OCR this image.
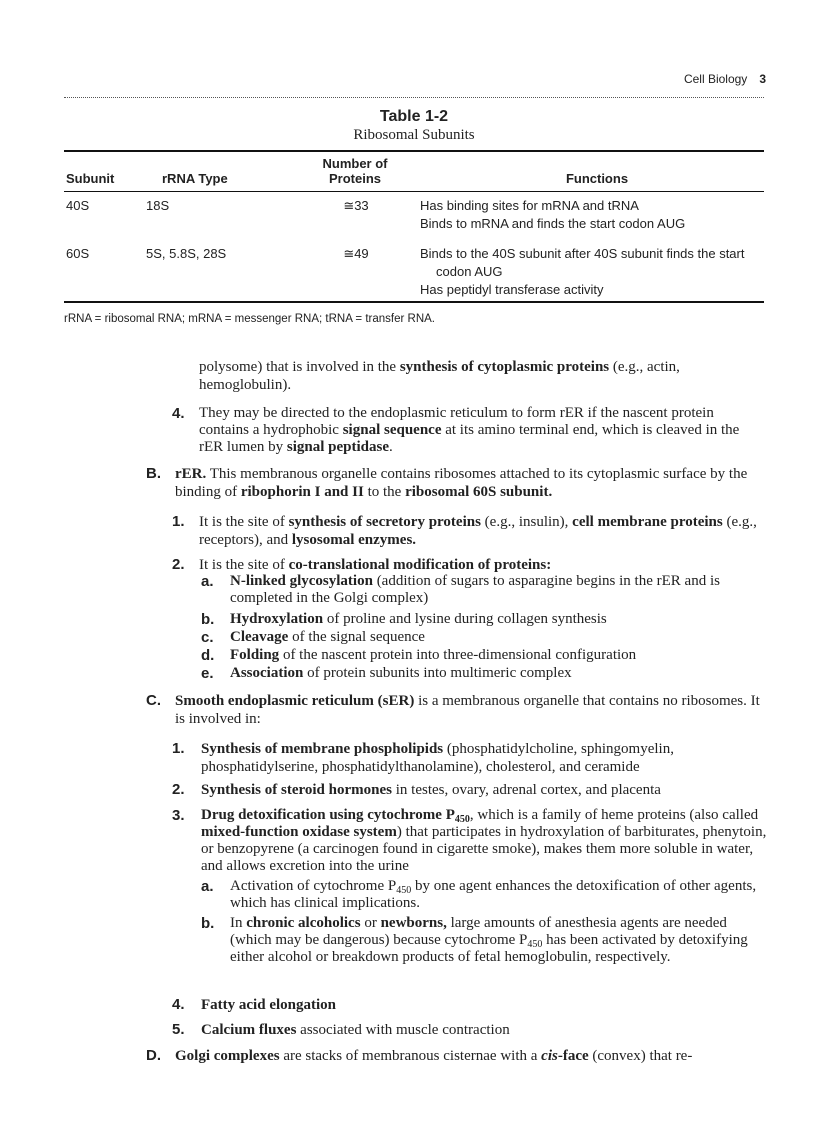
Cell Biology 3
Table 1-2
Ribosomal Subunits
Subunit	rRNA Type	Number of Proteins	Functions
40S	18S	≅33	Has binding sites for mRNA and tRNA
Binds to mRNA and finds the start codon AUG

60S	5S, 5.8S, 28S	≅49	Binds to the 40S subunit after 40S subunit finds the start codon AUG
Has peptidyl transferase activity
rRNA = ribosomal RNA; mRNA = messenger RNA; tRNA = transfer RNA.
polysome) that is involved in the synthesis of cytoplasmic proteins (e.g., actin, hemoglobulin).
4. They may be directed to the endoplasmic reticulum to form rER if the nascent protein contains a hydrophobic signal sequence at its amino terminal end, which is cleaved in the rER lumen by signal peptidase.
B. rER. This membranous organelle contains ribosomes attached to its cytoplasmic surface by the binding of ribophorin I and II to the ribosomal 60S subunit.
1. It is the site of synthesis of secretory proteins (e.g., insulin), cell membrane proteins (e.g., receptors), and lysosomal enzymes.
2. It is the site of co-translational modification of proteins:
a. N-linked glycosylation (addition of sugars to asparagine begins in the rER and is completed in the Golgi complex)
b. Hydroxylation of proline and lysine during collagen synthesis
c. Cleavage of the signal sequence
d. Folding of the nascent protein into three-dimensional configuration
e. Association of protein subunits into multimeric complex
C. Smooth endoplasmic reticulum (sER) is a membranous organelle that contains no ribosomes. It is involved in:
1. Synthesis of membrane phospholipids (phosphatidylcholine, sphingomyelin, phosphatidylserine, phosphatidylthanolamine), cholesterol, and ceramide
2. Synthesis of steroid hormones in testes, ovary, adrenal cortex, and placenta
3. Drug detoxification using cytochrome $P_{450}$, which is a family of heme proteins (also called mixed-function oxidase system) that participates in hydroxylation of barbiturates, phenytoin, or benzopyrene (a carcinogen found in cigarette smoke), makes them more soluble in water, and allows excretion into the urine
a. Activation of cytochrome $P_{450}$ by one agent enhances the detoxification of other agents, which has clinical implications.
b. In chronic alcoholics or newborns, large amounts of anesthesia agents are needed (which may be dangerous) because cytochrome $P_{450}$ has been activated by detoxifying either alcohol or breakdown products of fetal hemoglobulin, respectively.
4. Fatty acid elongation
5. Calcium fluxes associated with muscle contraction
D. Golgi complexes are stacks of membranous cisternae with a cis-face (convex) that re-
